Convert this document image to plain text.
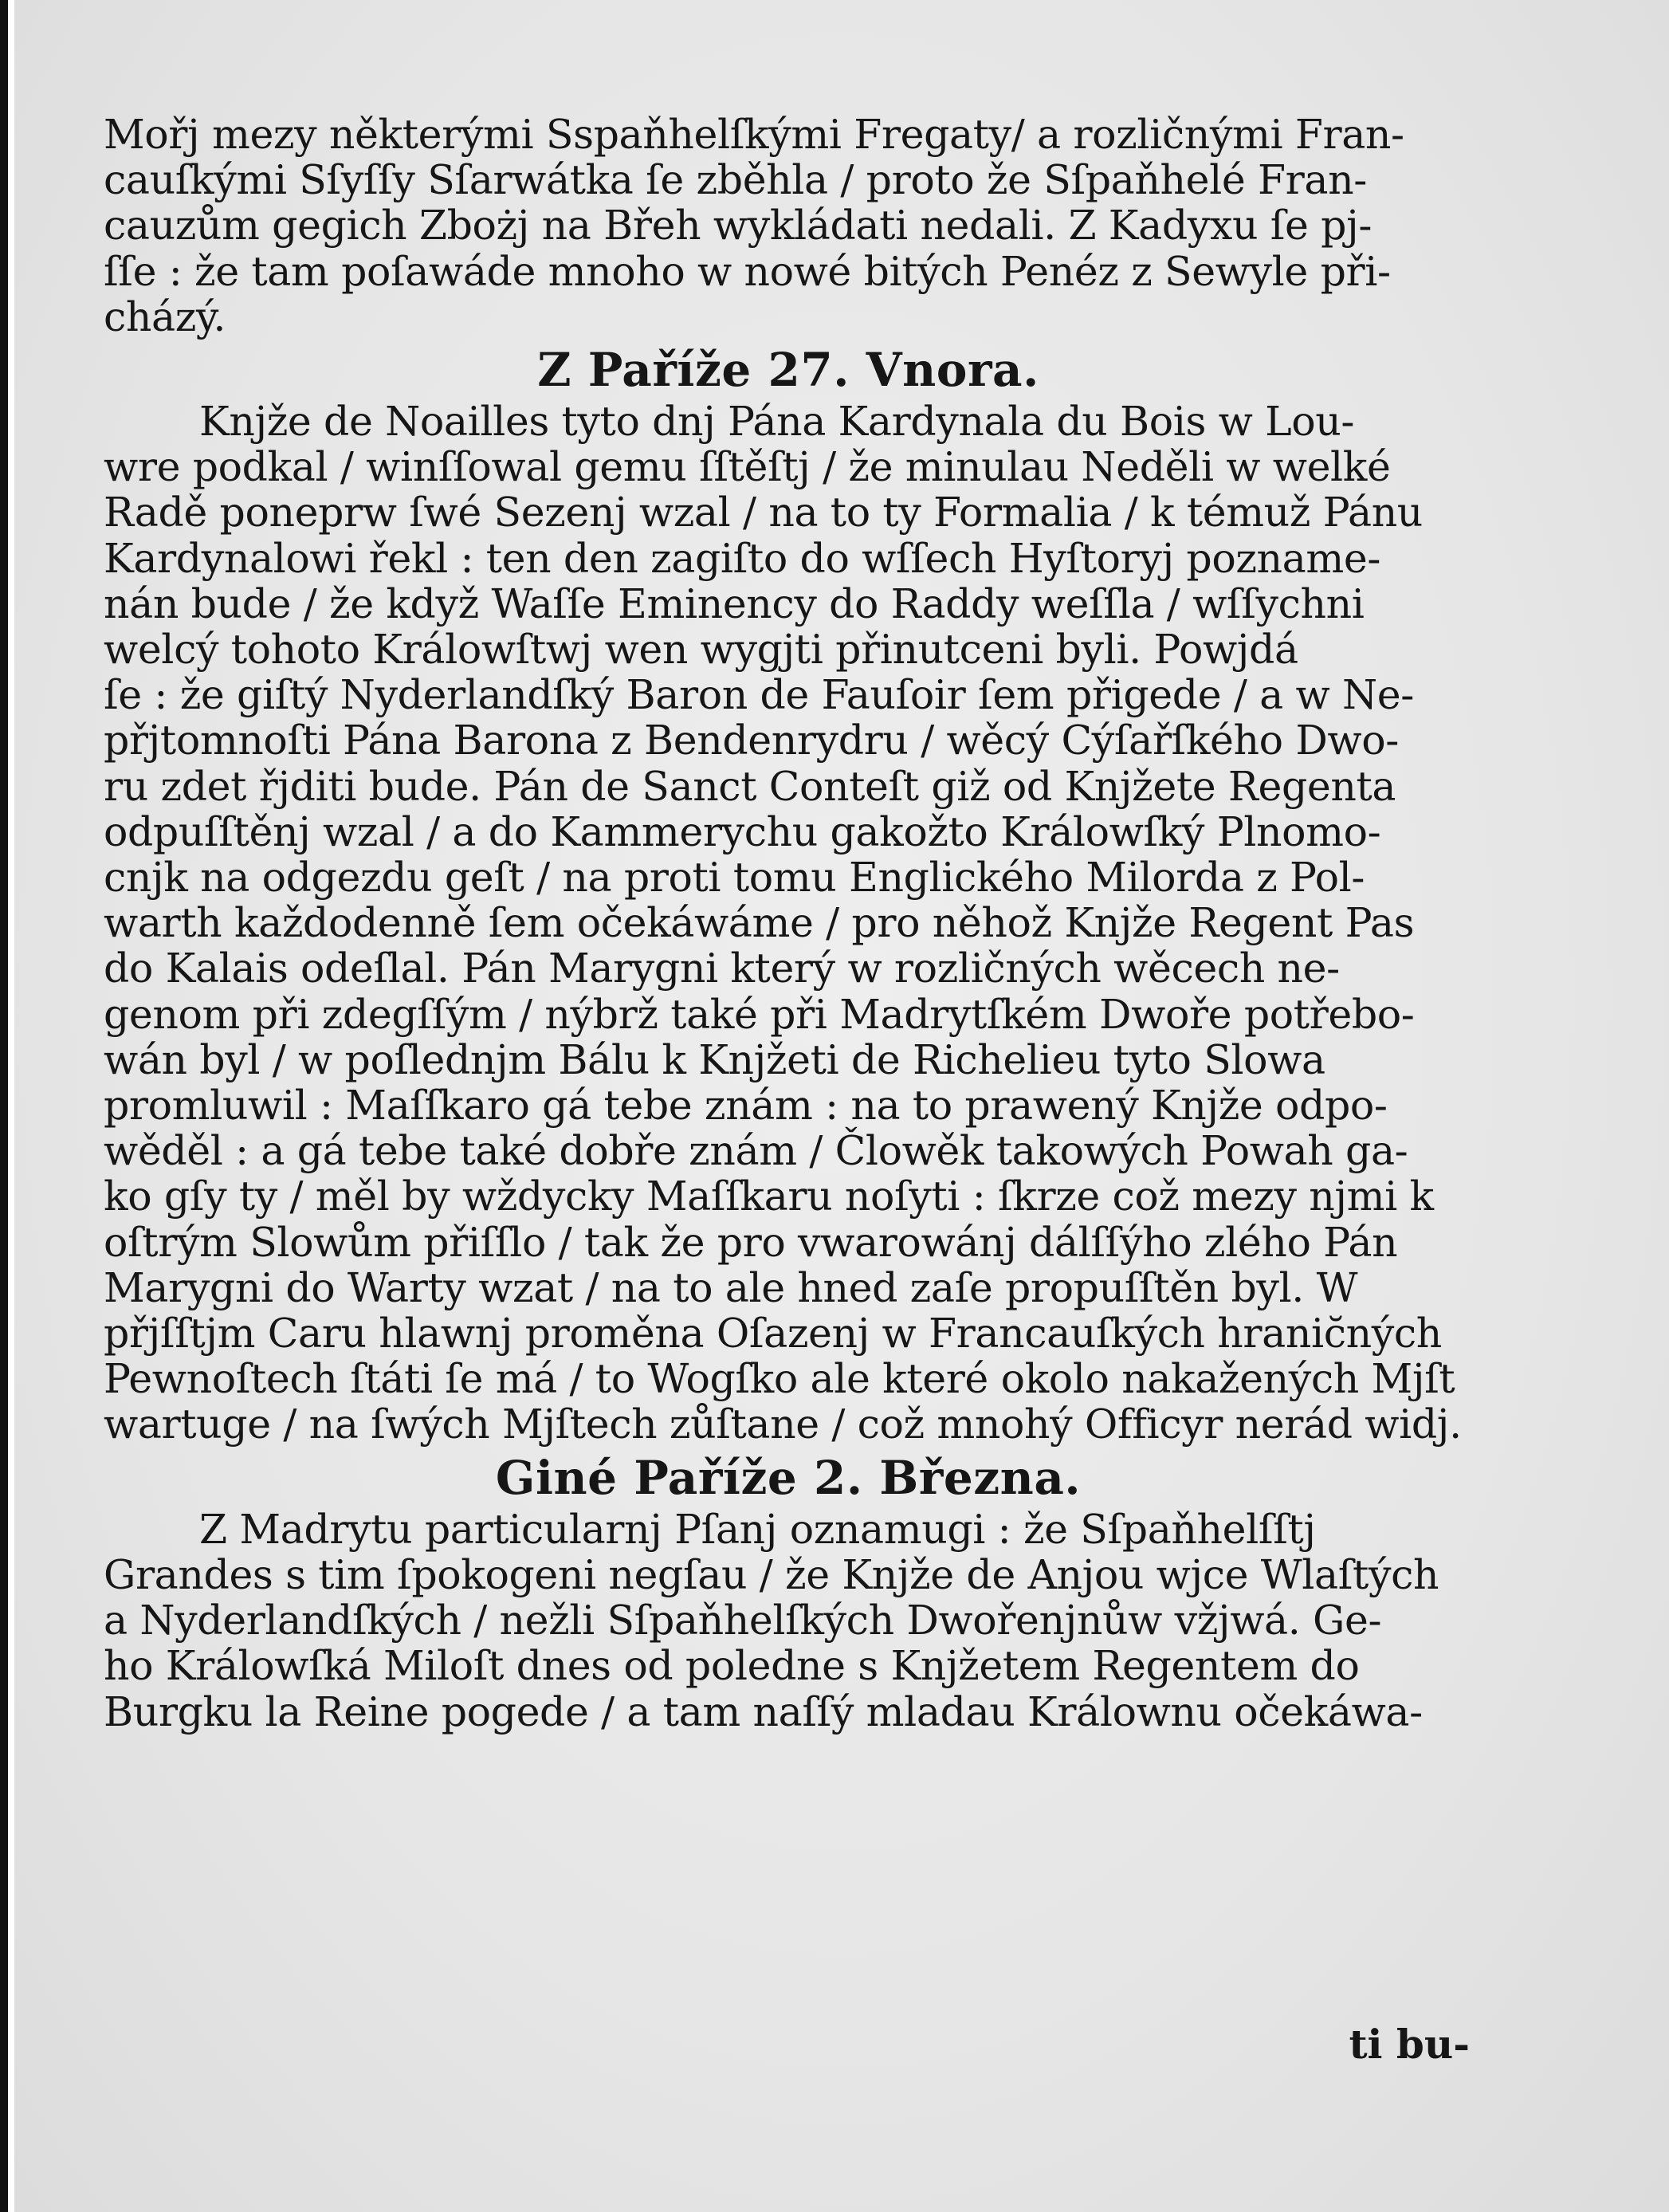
Mořj mezy některými Sspaňhelſkými Fregaty/ a rozličnými Fran-
cauſkými Sſyſſy Sſarwátka ſe zběhla / proto že Sſpaňhelé Fran-
cauzům gegich Zbożj na Břeh wykládati nedali. Z Kadyxu ſe pj-
ſſe : že tam poſawáde mnoho w nowé bitých Penéz z Sewyle při-
cházý.

Z Paříže 27. Vnora.

Knjže de Noailles tyto dnj Pána Kardynala du Bois w Lou-
wre podkal / winſſowal gemu ſſtěſtj / že minulau Neděli w welké
Radě poneprw ſwé Sezenj wzal / na to ty Formalia / k témuž Pánu
Kardynalowi řekl : ten den zagiſto do wſſech Hyſtoryj pozname-
nán bude / že když Waſſe Eminency do Raddy weſſla / wſſychni
welcý tohoto Králowſtwj wen wygjti přinutceni byli. Powjdá
ſe : že giſtý Nyderlandſký Baron de Fauſoir ſem přigede / a w Ne-
přjtomnoſti Pána Barona z Bendenrydru / wěcý Cýſařſkého Dwo-
ru zdet řjditi bude. Pán de Sanct Conteſt giž od Knjžete Regenta
odpuſſtěnj wzal / a do Kammerychu gakožto Králowſký Plnomo-
cnjk na odgezdu geſt / na proti tomu Englického Milorda z Pol-
warth každodenně ſem očekáwáme / pro něhož Knjže Regent Pas
do Kalais odeſlal. Pán Marygni který w rozličných wěcech ne-
genom při zdegſſým / nýbrž také při Madrytſkém Dwoře potřebo-
wán byl / w poſlednjm Bálu k Knjžeti de Richelieu tyto Slowa
promluwil : Maſſkaro gá tebe znám : na to prawený Knjže odpo-
wěděl : a gá tebe také dobře znám / Člowěk takowých Powah ga-
ko gſy ty / měl by wždycky Maſſkaru noſyti : ſkrze což mezy njmi k
oſtrým Slowům přiſſlo / tak že pro vwarowánj dálſſýho zlého Pán
Marygni do Warty wzat / na to ale hned zaſe propuſſtěn byl. W
přjſſtjm Caru hlawnj proměna Oſazenj w Francauſkých hranic̆ných
Pewnoſtech ſtáti ſe má / to Wogſko ale které okolo nakažených Mjſt
wartuge / na ſwých Mjſtech zůſtane / což mnohý Officyr nerád widj.

Giné Paříže 2. Března.

Z Madrytu particularnj Pſanj oznamugi : že Sſpaňhelſſtj
Grandes s tim ſpokogeni negſau / že Knjže de Anjou wjce Wlaſtých
a Nyderlandſkých / nežli Sſpaňhelſkých Dwořenjnůw vžjwá. Ge-
ho Králowſká Miloſt dnes od poledne s Knjžetem Regentem do
Burgku la Reine pogede / a tam naſſý mladau Králownu očekáwa-

ti bu-
